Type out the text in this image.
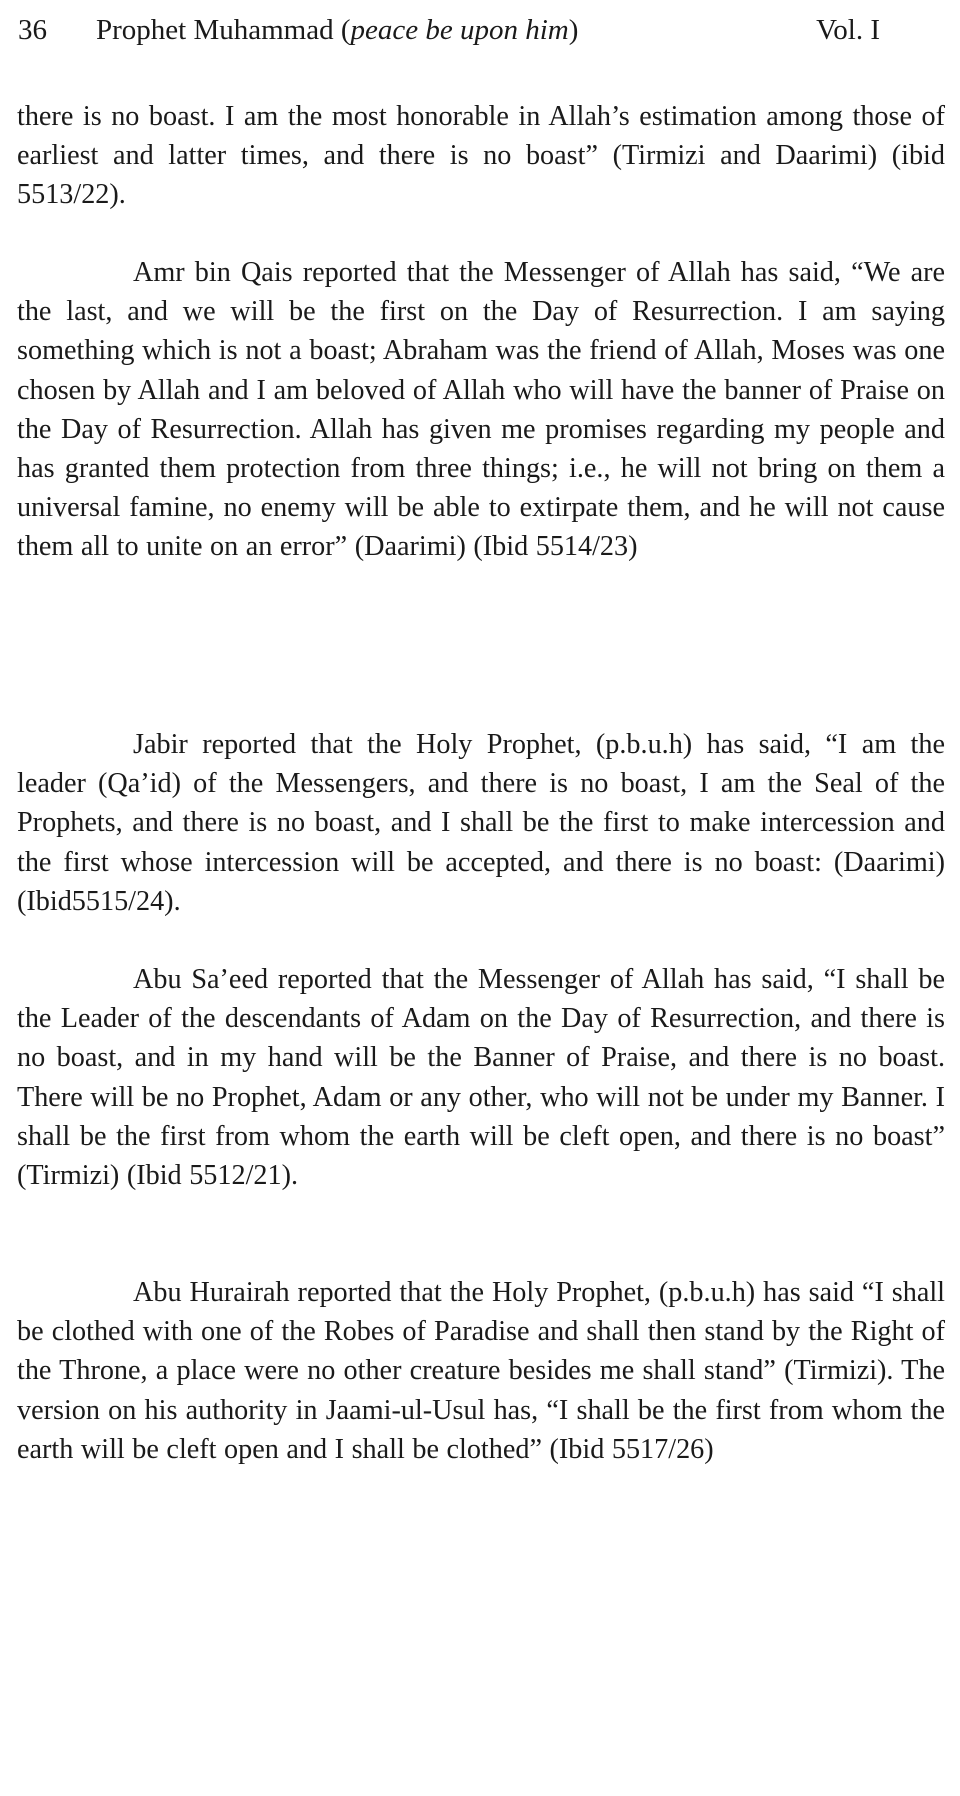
36 Prophet Muhammad (peace be upon him)	Vol. I

there is no boast. I am the most honorable in Allah’s estimation among those of earliest and latter times, and there is no boast” (Tirmizi and Daarimi) (ibid 5513/22).

Amr bin Qais reported that the Messenger of Allah has said, “We are the last, and we will be the first on the Day of Resurrection. I am saying something which is not a boast; Abraham was the friend of Allah, Moses was one chosen by Allah and I am beloved of Allah who will have the banner of Praise on the Day of Resurrection. Allah has given me promises regarding my people and has granted them protection from three things; i.e., he will not bring on them a universal famine, no enemy will be able to extirpate them, and he will not cause them all to unite on an error” (Daarimi) (Ibid 5514/23)

Jabir reported that the Holy Prophet, (p.b.u.h) has said, “I am the leader (Qa’id) of the Messengers, and there is no boast, I am the Seal of the Prophets, and there is no boast, and I shall be the first to make intercession and the first whose intercession will be accepted, and there is no boast: (Daarimi) (Ibid5515/24).

Abu Sa’eed reported that the Messenger of Allah has said, “I shall be the Leader of the descendants of Adam on the Day of Resurrection, and there is no boast, and in my hand will be the Banner of Praise, and there is no boast. There will be no Prophet, Adam or any other, who will not be under my Banner. I shall be the first from whom the earth will be cleft open, and there is no boast” (Tirmizi) (Ibid 5512/21).

Abu Hurairah reported that the Holy Prophet, (p.b.u.h) has said “I shall be clothed with one of the Robes of Paradise and shall then stand by the Right of the Throne, a place were no other creature besides me shall stand” (Tirmizi). The version on his authority in Jaami-ul-Usul has, “I shall be the first from whom the earth will be cleft open and I shall be clothed” (Ibid 5517/26)
